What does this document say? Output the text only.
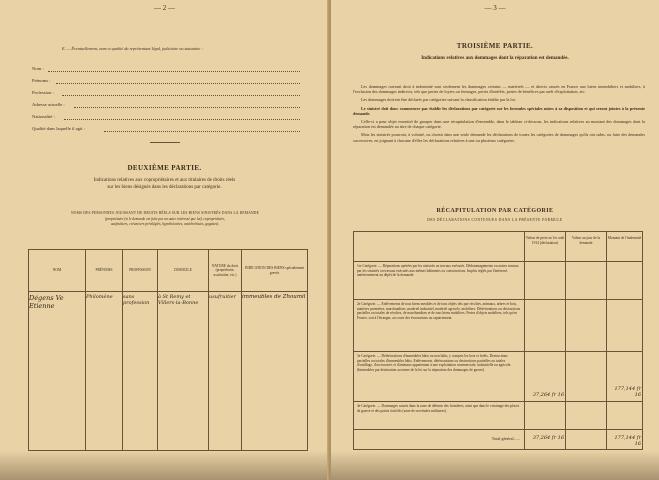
— 2 —
E. — Éventuellement, nom et qualité du représentant légal, judiciaire ou statutaire :
Nom :
Prénoms :
Profession :
Adresse actuelle :
Nationalité :
Qualité dans laquelle il agit :
DEUXIÈME PARTIE.
Indications relatives aux copropriétaires et aux titulaires de droits réels
sur les biens désignés dans les déclarations par catégorie.
NOMS DES PERSONNES JOUISSANT DE DROITS RÉELS SUR LES BIENS SINISTRÉS DANS LA DEMANDE
(propriétaire (si le demande est faite par un autre intéressé que lui), copropriétaire,
usufruitiers, créanciers privilégiés, hypothécaires, antichrétistes, gagistes).
NOM	PRÉNOMS	PROFESSION	DOMICILE	NATURE du droit (propriétaire, usufruitier, etc.)	INDICATION DES BIENS spécialement grevés
Dégens Ve Etienne	Philomène	sans profession	à St Remy et Villers-la-Bonne	usufruitier	immeubles de Zhoumil
— 3 —
TROISIÈME PARTIE.
Indications relatives aux dommages dont la réparation est demandée.

Les dommages ouvrant droit à indemnité sont seulement les dommages certains — matériels — et directs causés en France aux biens immobiliers et mobiliers, à l'exclusion des dommages indirects, tels que pertes de loyers ou fermages, pertes d'intérêts, pertes de bénéfices par arrêt d'exploitation, etc.

Les dommages doivent être déclarés par catégories suivant la classification établie par la loi.

Le sinistré doit donc commencer par établir les déclarations par catégorie sur les formules spéciales mises à sa disposition et qui seront jointes à la présente demande.

Celle-ci a pour objet essentiel de grouper dans une récapitulation d'ensemble, dans le tableau ci-dessous, les indications relatives au montant des dommages dont la réparation est demandée au titre de chaque catégorie.

Mais les sinistrés pourront, à volonté, ou choisir dans une seule demande les déclarations de toutes les catégories de dommages qu'ils ont subis, ou faire des demandes successives, en joignant à chacune d'elles les déclarations relatives à une ou plusieurs catégories.

RÉCAPITULATION PAR CATÉGORIE
DES DÉCLARATIONS CONTENUES DANS LA PRÉSENTE FORMULE
	Valeur de perte au 1er août 1914 (déclaration)	Valeur au jour de la demande	Montant de l'indemnité
1re Catégorie. — Réparations opérées par les sinistrés ou travaux exécutés. Dédommagements ou autres travaux par les sinistrés ou travaux exécutés aux mêmes bâtiments ou constructions. Impôts réglés par l'intéressé, antérieurement au dépôt de la demande.			
2e Catégorie. — Enlèvements de tous biens meubles et de tous objets tels que récoltes, animaux, arbres et bois, matières premières, marchandises, matériel industriel, matériel agricole, mobiliers. Détériorations ou destructions partielles ou totales de récoltes, de marchandises et de tous biens mobiliers. Pertes d'objets mobiliers, tels qu'en France, soit à l'étranger, au cours des évacuations ou rapatriement.			
3e Catégorie. — Détériorations d'immeubles bâtis ou non bâtis, y compris les bois et forêts. Destructions partielles ou totales d'immeubles bâtis. Enlèvements, détériorations ou destructions partielles ou totales d'outillage, d'accessoires et d'animaux appartenant à une exploitation commerciale, industrielle ou agricole. (Immeubles par destination au terme de la loi sur la réparation des dommages de guerre).	37,264 fr 16		177,144 fr 16
4e Catégorie. — Dommages causés dans la zone de défense des frontières, ainsi que dans le voisinage des places de guerre et des points fortifiés (zone de servitudes militaires).			
Total général......	37,264 fr 16		177,144 fr 16
